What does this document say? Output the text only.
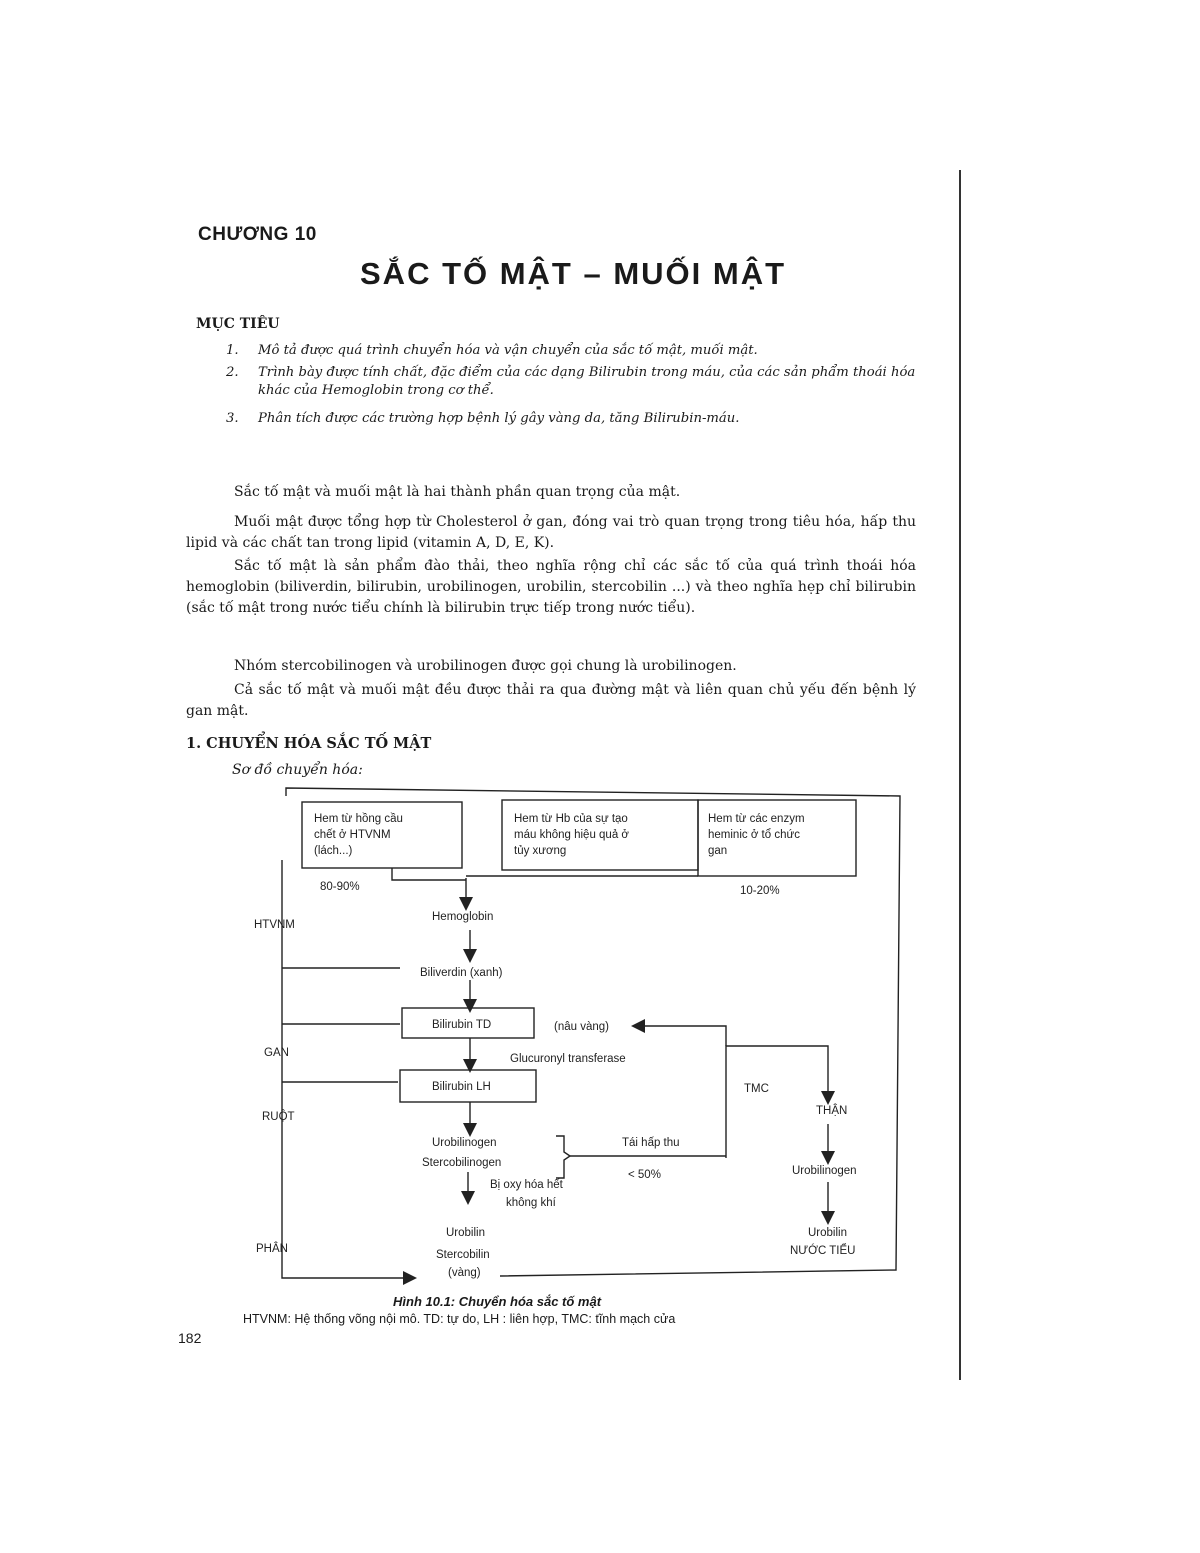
CHƯƠNG 10
SẮC TỐ MẬT – MUỐI MẬT
MỤC TIÊU
1. Mô tả được quá trình chuyển hóa và vận chuyển của sắc tố mật, muối mật.
2. Trình bày được tính chất, đặc điểm của các dạng Bilirubin trong máu, của các sản phẩm thoái hóa khác của Hemoglobin trong cơ thể.
3. Phân tích được các trường hợp bệnh lý gây vàng da, tăng Bilirubin-máu.
Sắc tố mật và muối mật là hai thành phần quan trọng của mật.
Muối mật được tổng hợp từ Cholesterol ở gan, đóng vai trò quan trọng trong tiêu hóa, hấp thu lipid và các chất tan trong lipid (vitamin A, D, E, K).
Sắc tố mật là sản phẩm đào thải, theo nghĩa rộng chỉ các sắc tố của quá trình thoái hóa hemoglobin (biliverdin, bilirubin, urobilinogen, urobilin, stercobilin ...) và theo nghĩa hẹp chỉ bilirubin (sắc tố mật trong nước tiểu chính là bilirubin trực tiếp trong nước tiểu).
Nhóm stercobilinogen và urobilinogen được gọi chung là urobilinogen.
Cả sắc tố mật và muối mật đều được thải ra qua đường mật và liên quan chủ yếu đến bệnh lý gan mật.
1. CHUYỂN HÓA SẮC TỐ MẬT
Sơ đồ chuyển hóa:
Hem từ hồng cầu
chết ở HTVNM
(lách...)
Hem từ Hb của sự tạo
máu không hiệu quả ở
tủy xương
Hem từ các enzym
heminic ở tổ chức
gan
80-90%	10-20%
Hemoglobin
Biliverdin (xanh)
Bilirubin TD	(nâu vàng)
Glucuronyl transferase
Bilirubin LH
Urobilinogen
Stercobilinogen
Tái hấp thu
< 50%
Bị oxy hóa hết
không khí
Urobilin
Stercobilin
(vàng)
HTVNM
GAN
RUỘT
PHÂN
TMC
THẬN
Urobilinogen
Urobilin
NƯỚC TIỂU
Hình 10.1: Chuyển hóa sắc tố mật
HTVNM: Hệ thống võng nội mô. TD: tự do, LH : liên hợp, TMC: tĩnh mạch cửa
182
